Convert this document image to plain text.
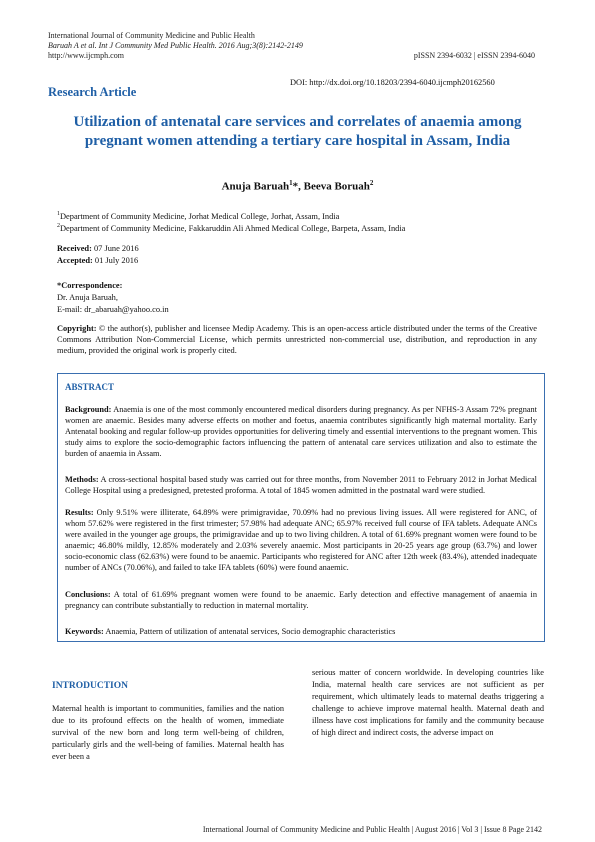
International Journal of Community Medicine and Public Health
Baruah A et al. Int J Community Med Public Health. 2016 Aug;3(8):2142-2149
http://www.ijcmph.com	pISSN 2394-6032 | eISSN 2394-6040
DOI: http://dx.doi.org/10.18203/2394-6040.ijcmph20162560
Research Article
Utilization of antenatal care services and correlates of anaemia among pregnant women attending a tertiary care hospital in Assam, India
Anuja Baruah$^1$*, Beeva Boruah$^2$
$^1$Department of Community Medicine, Jorhat Medical College, Jorhat, Assam, India
$^2$Department of Community Medicine, Fakkaruddin Ali Ahmed Medical College, Barpeta, Assam, India
Received: 07 June 2016
Accepted: 01 July 2016
*Correspondence:
Dr. Anuja Baruah,
E-mail: dr_abaruah@yahoo.co.in
Copyright: © the author(s), publisher and licensee Medip Academy. This is an open-access article distributed under the terms of the Creative Commons Attribution Non-Commercial License, which permits unrestricted non-commercial use, distribution, and reproduction in any medium, provided the original work is properly cited.
ABSTRACT
Background: Anaemia is one of the most commonly encountered medical disorders during pregnancy. As per NFHS-3 Assam 72% pregnant women are anaemic. Besides many adverse effects on mother and foetus, anaemia contributes significantly high maternal mortality. Early Antenatal booking and regular follow-up provides opportunities for delivering timely and essential interventions to the pregnant women. This study aims to explore the socio-demographic factors influencing the pattern of antenatal care services utilization and also to estimate the burden of anaemia in Assam.
Methods: A cross-sectional hospital based study was carried out for three months, from November 2011 to February 2012 in Jorhat Medical College Hospital using a predesigned, pretested proforma. A total of 1845 women admitted in the postnatal ward were studied.
Results: Only 9.51% were illiterate, 64.89% were primigravidae, 70.09% had no previous living issues. All were registered for ANC, of whom 57.62% were registered in the first trimester; 57.98% had adequate ANC; 65.97% received full course of IFA tablets. Adequate ANCs were availed in the younger age groups, the primigravidae and up to two living children. A total of 61.69% pregnant women were found to be anaemic; 46.80% mildly, 12.85% moderately and 2.03% severely anaemic. Most participants in 20-25 years age group (63.7%) and lower socio-economic class (62.63%) were found to be anaemic. Participants who registered for ANC after 12th week (83.4%), attended inadequate number of ANCs (70.06%), and failed to take IFA tablets (60%) were found anaemic.
Conclusions: A total of 61.69% pregnant women were found to be anaemic. Early detection and effective management of anaemia in pregnancy can contribute substantially to reduction in maternal mortality.
Keywords: Anaemia, Pattern of utilization of antenatal services, Socio demographic characteristics
INTRODUCTION
Maternal health is important to communities, families and the nation due to its profound effects on the health of women, immediate survival of the new born and long term well-being of children, particularly girls and the well-being of families. Maternal health has ever been a
serious matter of concern worldwide. In developing countries like India, maternal health care services are not sufficient as per requirement, which ultimately leads to maternal deaths triggering a challenge to achieve improve maternal health. Maternal death and illness have cost implications for family and the community because of high direct and indirect costs, the adverse impact on
International Journal of Community Medicine and Public Health | August 2016 | Vol 3 | Issue 8 Page 2142
